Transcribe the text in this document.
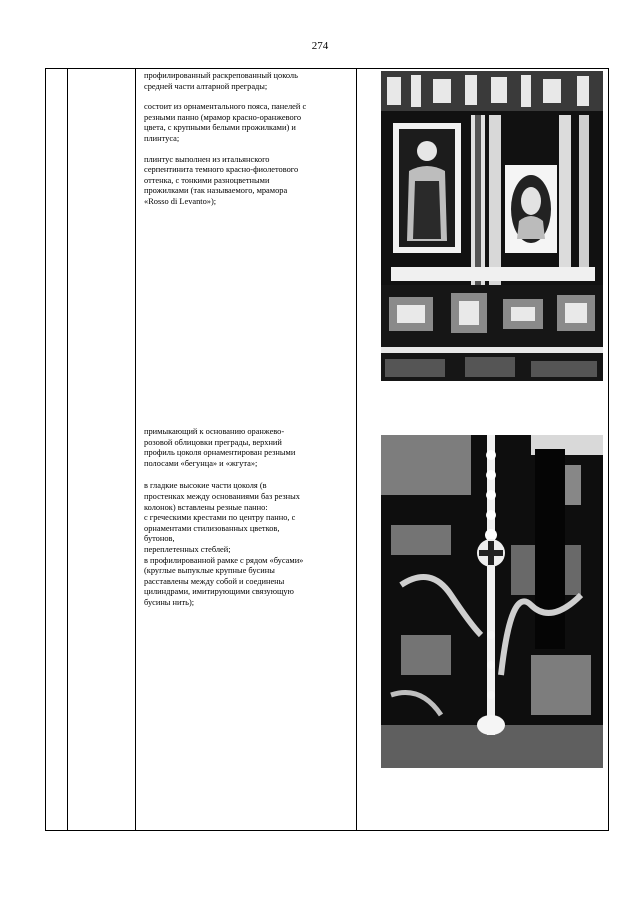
274

профилированный раскрепованный цоколь
средней части алтарной преграды;

состоит из орнаментального пояса, панелей с
резными панно (мрамор красно-оранжевого
цвета, с крупными белыми прожилками) и
плинтуса;

плинтус выполнен из итальянского
серпентинита темного красно-фиолетового
оттенка, с тонкими разноцветными
прожилками (так называемого, мрамора
«Rosso di Levanto»);

примыкающий к основанию оранжево-
розовой облицовки преграды, верхний
профиль цоколя орнаментирован резными
полосами «бегунца» и «жгута»;

в гладкие высокие части цоколя (в
простенках между основаниями баз резных
колонок) вставлены резные панно:
с греческими крестами по центру панно, с
орнаментами стилизованных цветков,
бутонов,
переплетенных стеблей;
в профилированной рамке с рядом «бусами»
(круглые выпуклые крупные бусины
расставлены между собой и соединены
цилиндрами, имитирующими связующую
бусины нить);
